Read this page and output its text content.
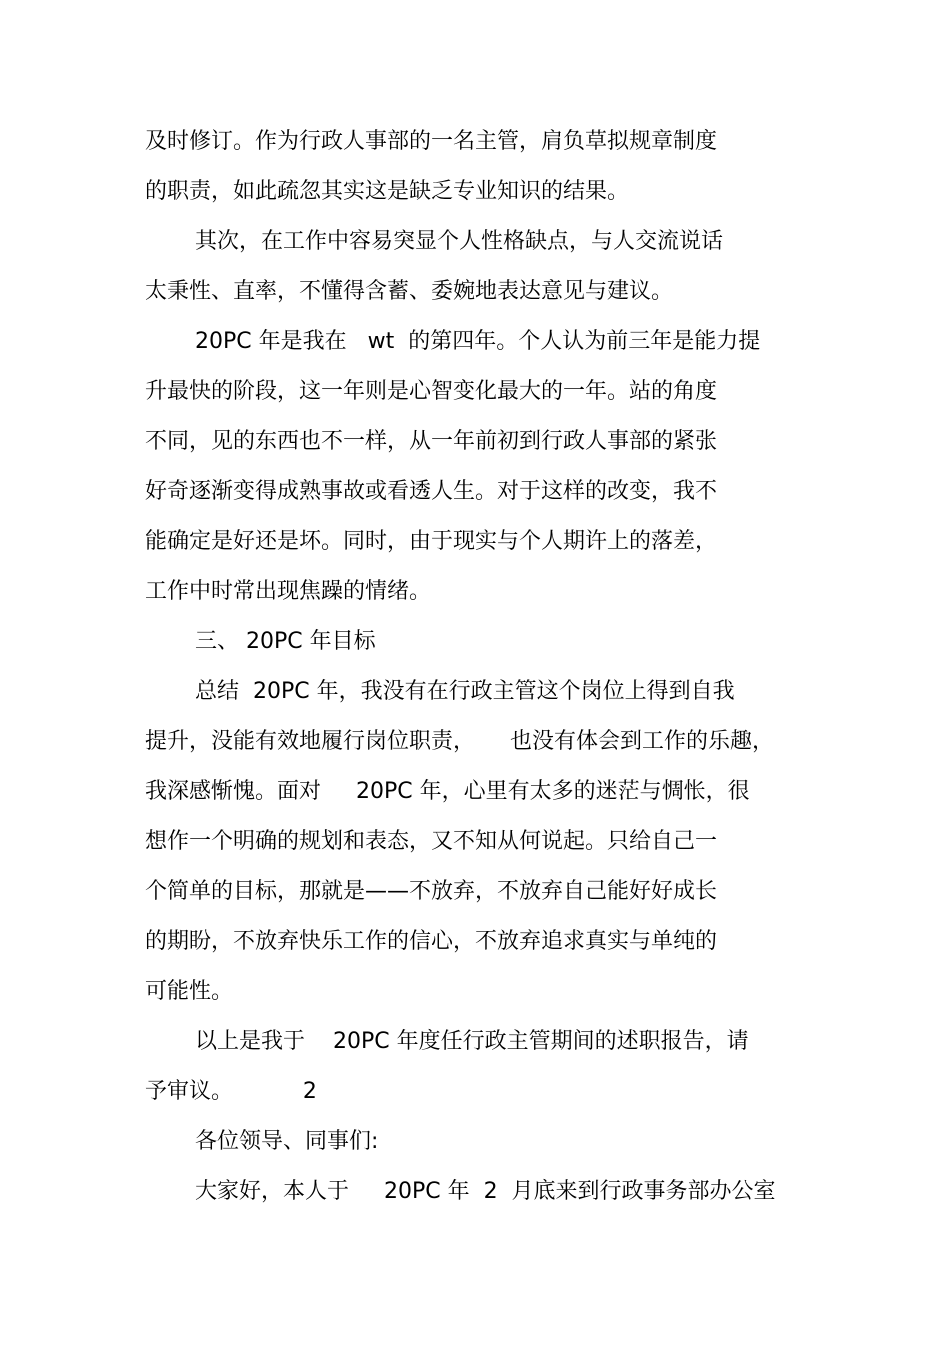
及时修订。作为行政人事部的一名主管，肩负草拟规章制度
的职责，如此疏忽其实这是缺乏专业知识的结果。
其次，在工作中容易突显个人性格缺点，与人交流说话
太秉性、直率，不懂得含蓄、委婉地表达意见与建议。
20PC 年是我在   wt  的第四年。个人认为前三年是能力提
升最快的阶段，这一年则是心智变化最大的一年。站的角度
不同，见的东西也不一样，从一年前初到行政人事部的紧张
好奇逐渐变得成熟事故或看透人生。对于这样的改变，我不
能确定是好还是坏。同时，由于现实与个人期许上的落差，
工作中时常出现焦躁的情绪。
三、 20PC 年目标
总结  20PC 年，我没有在行政主管这个岗位上得到自我
提升，没能有效地履行岗位职责，     也没有体会到工作的乐趣，
我深感惭愧。面对     20PC 年，心里有太多的迷茫与惆怅，很
想作一个明确的规划和表态，又不知从何说起。只给自己一
个简单的目标，那就是——不放弃，不放弃自己能好好成长
的期盼，不放弃快乐工作的信心，不放弃追求真实与单纯的
可能性。
以上是我于    20PC 年度任行政主管期间的述职报告，请
予审议。          2
各位领导、同事们:
大家好，本人于     20PC 年  2  月底来到行政事务部办公室
